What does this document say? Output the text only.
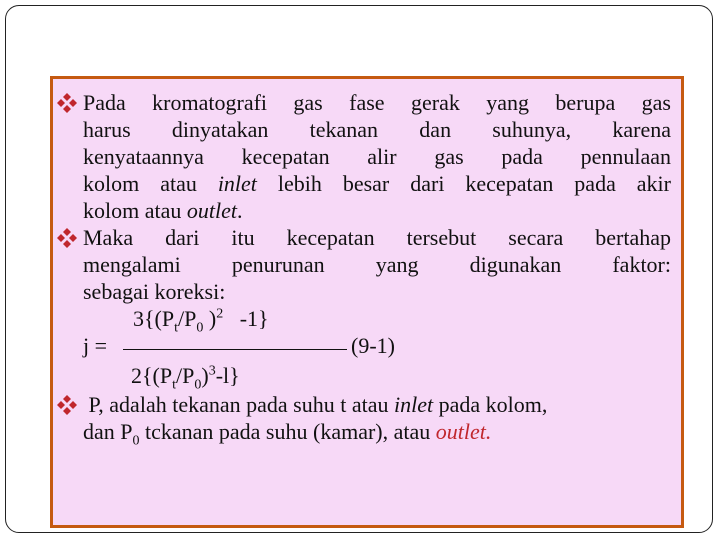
Pada kromatografi gas fase gerak yang berupa gas
harus dinyatakan tekanan dan suhunya, karena
kenyataannya kecepatan alir gas pada pennulaan
kolom atau inlet lebih besar dari kecepatan pada akir
kolom atau outlet.
Maka dari itu kecepatan tersebut secara bertahap
mengalami penurunan yang digunakan faktor:
sebagai koreksi:
$3\{(P_t/P_0$ )$^2$   -1}
j =	(9-1)
$2\{(P_t/P_0)^3-l\}$
P, adalah tekanan pada suhu t atau inlet pada kolom,
dan $P_0$ tckanan pada suhu (kamar), atau outlet.
